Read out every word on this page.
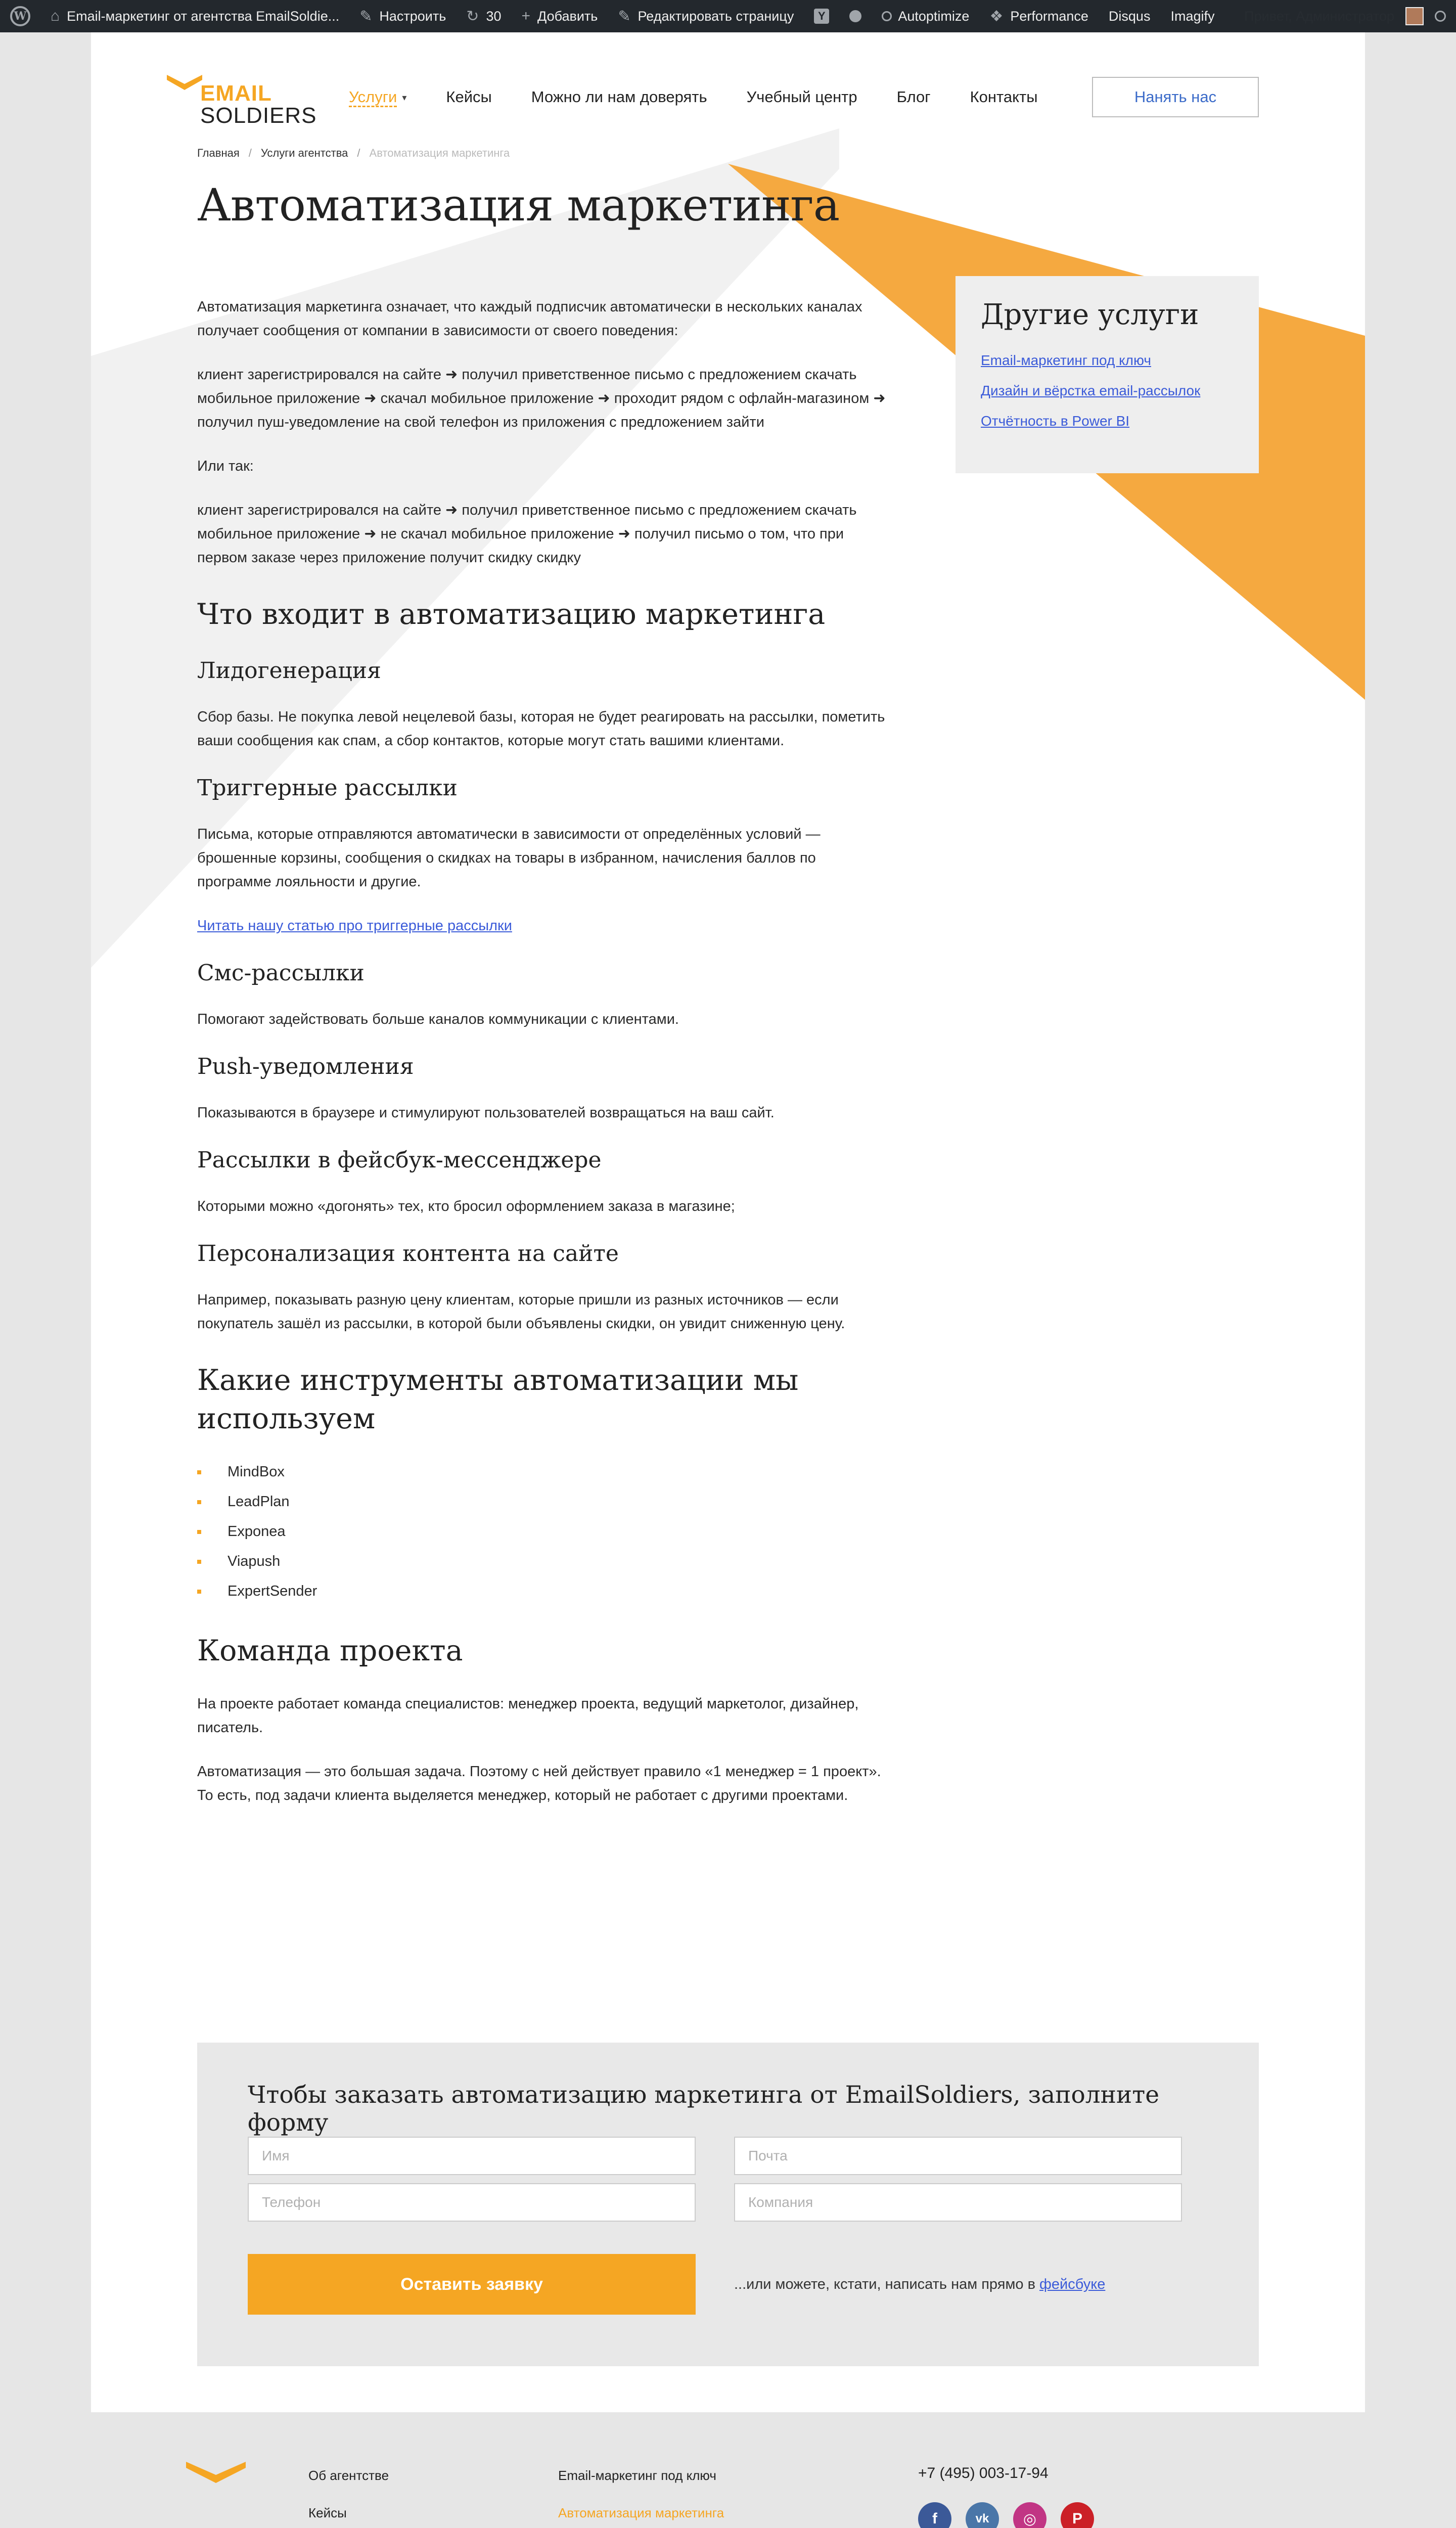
W ⌂ Email-маркетинг от агентства EmailSoldie... ✎ Настроить ↻ 30 + Добавить ✎ Редактировать страницу	Y	Autoptimize ❖ Performance Disqus Imagify
EMAIL
SOLDIERS
Услуги ▾	Кейсы	Можно ли нам доверять	Учебный центр	Блог	Контакты	Нанять нас
Главная / Услуги агентства / Автоматизация маркетинга
Автоматизация маркетинга

Автоматизация маркетинга означает, что каждый подписчик автоматически в нескольких каналах получает сообщения от компании в зависимости от своего поведения:

клиент зарегистрировался на сайте ➜ получил приветственное письмо с предложением скачать мобильное приложение ➜ скачал мобильное приложение ➜ проходит рядом с офлайн-магазином ➜ получил пуш-уведомление на свой телефон из приложения с предложением зайти

Или так:

клиент зарегистрировался на сайте ➜ получил приветственное письмо с предложением скачать мобильное приложение ➜ не скачал мобильное приложение ➜ получил письмо о том, что при первом заказе через приложение получит скидку скидку

Что входит в автоматизацию маркетинга
Лидогенерация

Сбор базы. Не покупка левой нецелевой базы, которая не будет реагировать на рассылки, пометить ваши сообщения как спам, а сбор контактов, которые могут стать вашими клиентами.

Триггерные рассылки

Письма, которые отправляются автоматически в зависимости от определённых условий — брошенные корзины, сообщения о скидках на товары в избранном, начисления баллов по программе лояльности и другие.

Читать нашу статью про триггерные рассылки

Смс-рассылки

Помогают задействовать больше каналов коммуникации с клиентами.

Push-уведомления

Показываются в браузере и стимулируют пользователей возвращаться на ваш сайт.

Рассылки в фейсбук-мессенджере

Которыми можно «догонять» тех, кто бросил оформлением заказа в магазине;

Персонализация контента на сайте

Например, показывать разную цену клиентам, которые пришли из разных источников — если покупатель зашёл из рассылки, в которой были объявлены скидки, он увидит сниженную цену.

Какие инструменты автоматизации мы используем
MindBox
LeadPlan
Exponea
Viapush
ExpertSender
Команда проекта

На проекте работает команда специалистов: менеджер проекта, ведущий маркетолог, дизайнер, писатель.

Автоматизация — это большая задача. Поэтому с ней действует правило «1 менеджер = 1 проект». То есть, под задачи клиента выделяется менеджер, который не работает с другими проектами.

Другие услуги
Email-маркетинг под ключ
Дизайн и вёрстка email-рассылок
Отчётность в Power BI
Чтобы заказать автоматизацию маркетинга от EmailSoldiers, заполните форму
Имя
Почта
Телефон
Компания
Оставить заявку	...или можете, кстати, написать нам прямо в фейсбуке
Об агентстве
Кейсы
Email-маркетинг под ключ
Автоматизация маркетинга
+7 (495) 003-17-94
f	vk	◎	P
